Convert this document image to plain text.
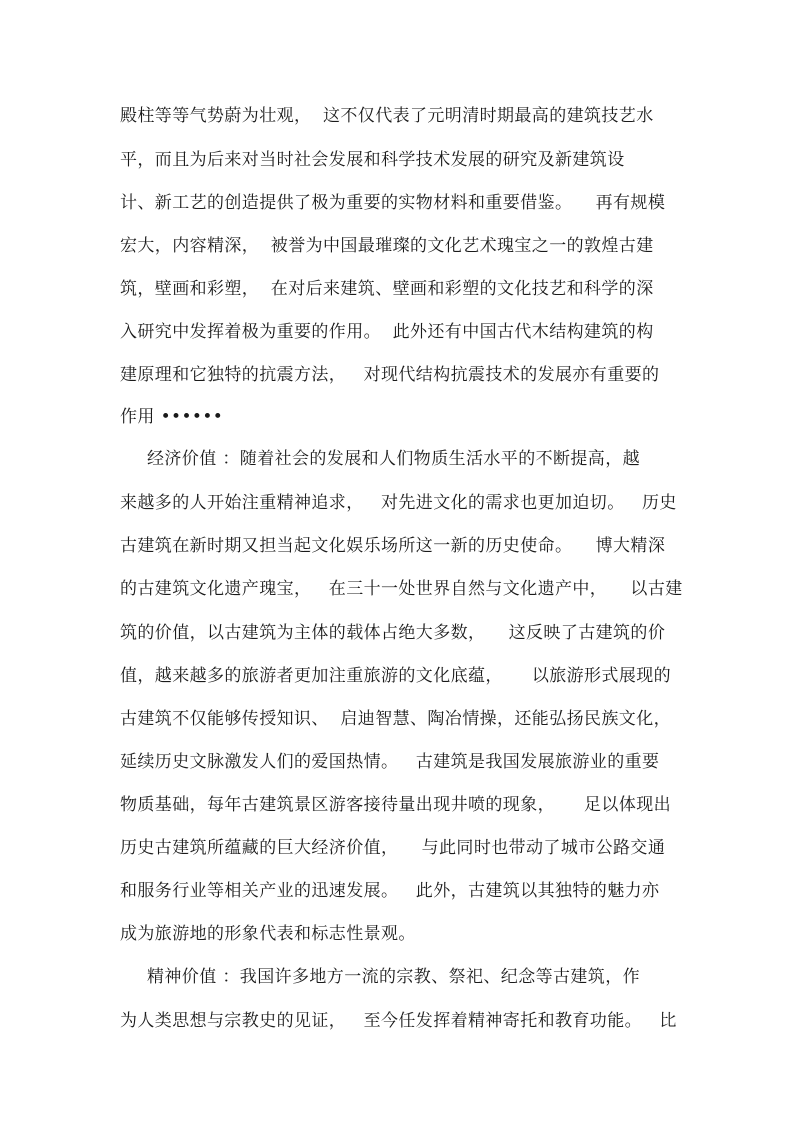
殿柱等等气势蔚为壮观，  这不仅代表了元明清时期最高的建筑技艺水
平，而且为后来对当时社会发展和科学技术发展的研究及新建筑设
计、新工艺的创造提供了极为重要的实物材料和重要借鉴。    再有规模
宏大，内容精深，  被誉为中国最璀璨的文化艺术瑰宝之一的敦煌古建
筑，壁画和彩塑，  在对后来建筑、壁画和彩塑的文化技艺和科学的深
入研究中发挥着极为重要的作用。  此外还有中国古代木结构建筑的构
建原理和它独特的抗震方法，   对现代结构抗震技术的发展亦有重要的
作用 ••••••
经济价值 ：随着社会的发展和人们物质生活水平的不断提高，越
来越多的人开始注重精神追求，   对先进文化的需求也更加迫切。   历史
古建筑在新时期又担当起文化娱乐场所这一新的历史使命。    博大精深
的古建筑文化遗产瑰宝，   在三十一处世界自然与文化遗产中，    以古建
筑的价值，以古建筑为主体的载体占绝大多数，    这反映了古建筑的价
值，越来越多的旅游者更加注重旅游的文化底蕴，     以旅游形式展现的
古建筑不仅能够传授知识、  启迪智慧、陶冶情操，还能弘扬民族文化，
延续历史文脉激发人们的爱国热情。   古建筑是我国发展旅游业的重要
物质基础，每年古建筑景区游客接待量出现井喷的现象，     足以体现出
历史古建筑所蕴藏的巨大经济价值，    与此同时也带动了城市公路交通
和服务行业等相关产业的迅速发展。   此外，古建筑以其独特的魅力亦
成为旅游地的形象代表和标志性景观。
精神价值 ：我国许多地方一流的宗教、祭祀、纪念等古建筑，作
为人类思想与宗教史的见证，   至今任发挥着精神寄托和教育功能。   比
